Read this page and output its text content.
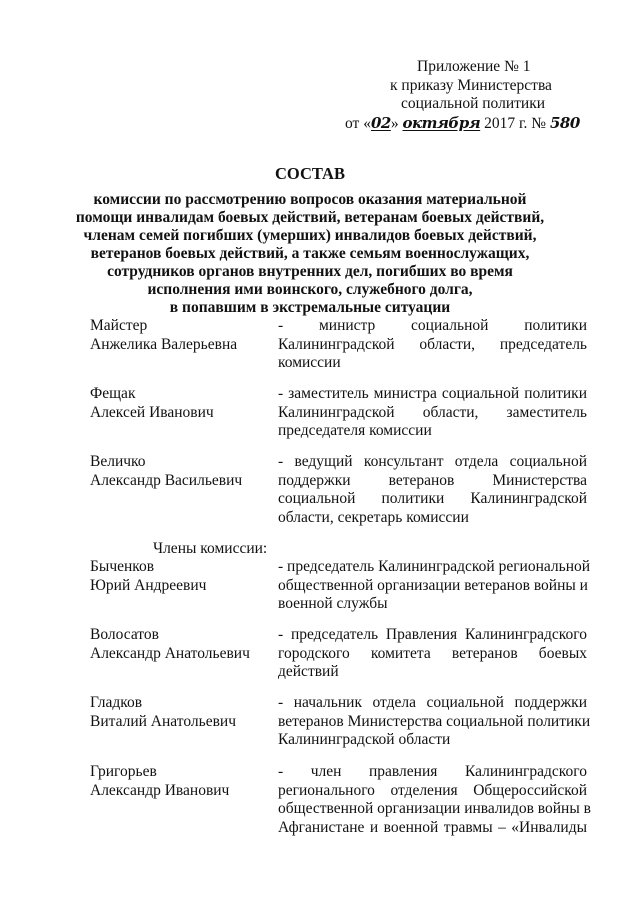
Приложение № 1
к приказу Министерства
социальной политики
от «02» октября 2017 г. № 580
СОСТАВ
комиссии по рассмотрению вопросов оказания материальной
помощи инвалидам боевых действий, ветеранам боевых действий,
членам семей погибших (умерших) инвалидов боевых действий,
ветеранов боевых действий, а также семьям военнослужащих,
сотрудников органов внутренних дел, погибших во время
исполнения ими воинского, служебного долга,
в попавшим в экстремальные ситуации
Майстер
Анжелика Валерьевна
- министр социальной политики
Калининградской области, председатель
комиссии
Фещак
Алексей Иванович
- заместитель министра социальной политики
Калининградской области, заместитель
председателя комиссии
Величко
Александр Васильевич
- ведущий консультант отдела социальной
поддержки ветеранов Министерства
социальной политики Калининградской
области, секретарь комиссии
Члены комиссии:
Быченков
Юрий Андреевич
- председатель Калининградской региональной
общественной организации ветеранов войны и
военной службы
Волосатов
Александр Анатольевич
- председатель Правления Калининградского
городского комитета ветеранов боевых
действий
Гладков
Виталий Анатольевич
- начальник отдела социальной поддержки
ветеранов Министерства социальной политики
Калининградской области
Григорьев
Александр Иванович
- член правления Калининградского
регионального отделения Общероссийской
общественной организации инвалидов войны в
Афганистане и военной травмы – «Инвалиды
